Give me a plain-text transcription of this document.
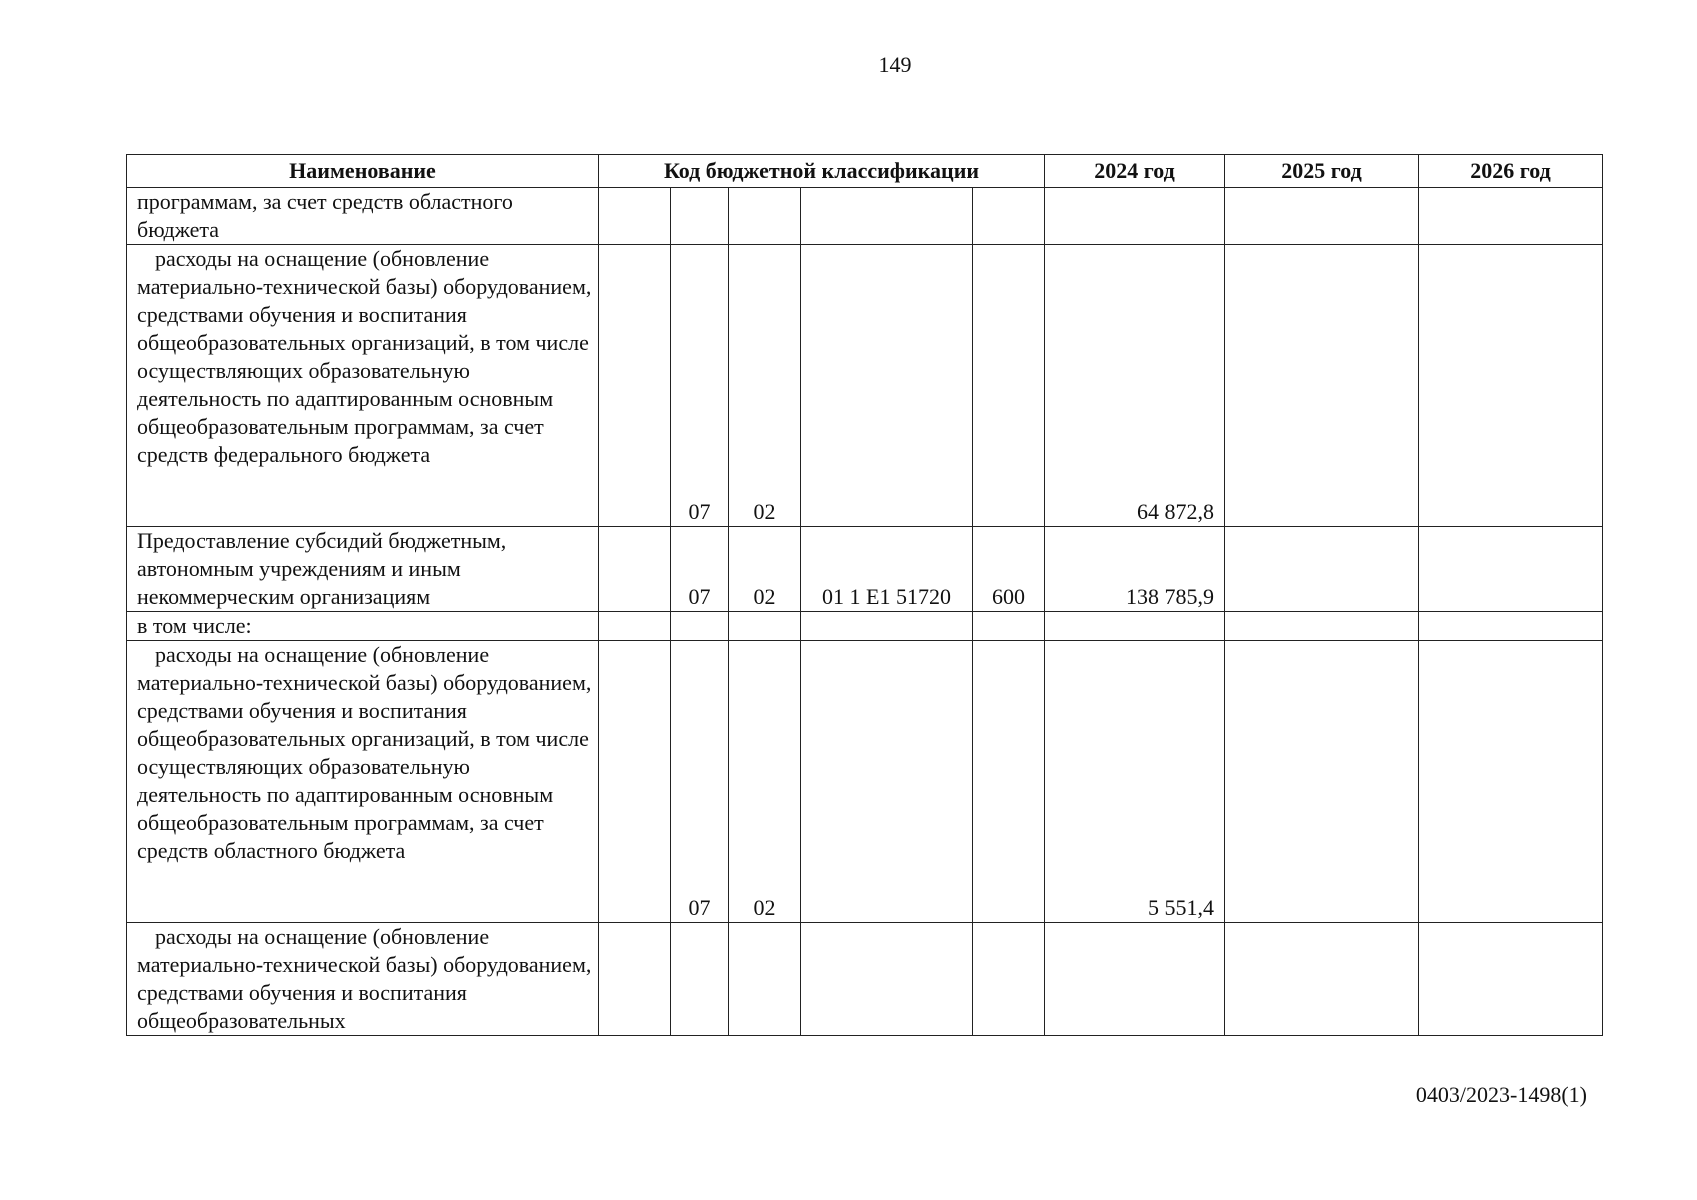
149
Наименование	Код бюджетной классификации					2024 год	2025 год	2026 год
программам, за счет средств областного бюджета								
расходы на оснащение (обновление материально-технической базы) оборудованием, средствами обучения и воспитания общеобразовательных организаций, в том числе осуществляющих образовательную деятельность по адаптированным основным общеобразовательным программам, за счет средств федерального бюджета		07	02			64 872,8		
Предоставление субсидий бюджетным, автономным учреждениям и иным некоммерческим организациям		07	02	01 1 E1 51720	600	138 785,9		
в том числе:								
расходы на оснащение (обновление материально-технической базы) оборудованием, средствами обучения и воспитания общеобразовательных организаций, в том числе осуществляющих образовательную деятельность по адаптированным основным общеобразовательным программам, за счет средств областного бюджета		07	02			5 551,4		
расходы на оснащение (обновление материально-технической базы) оборудованием, средствами обучения и воспитания общеобразовательных								
0403/2023-1498(1)
